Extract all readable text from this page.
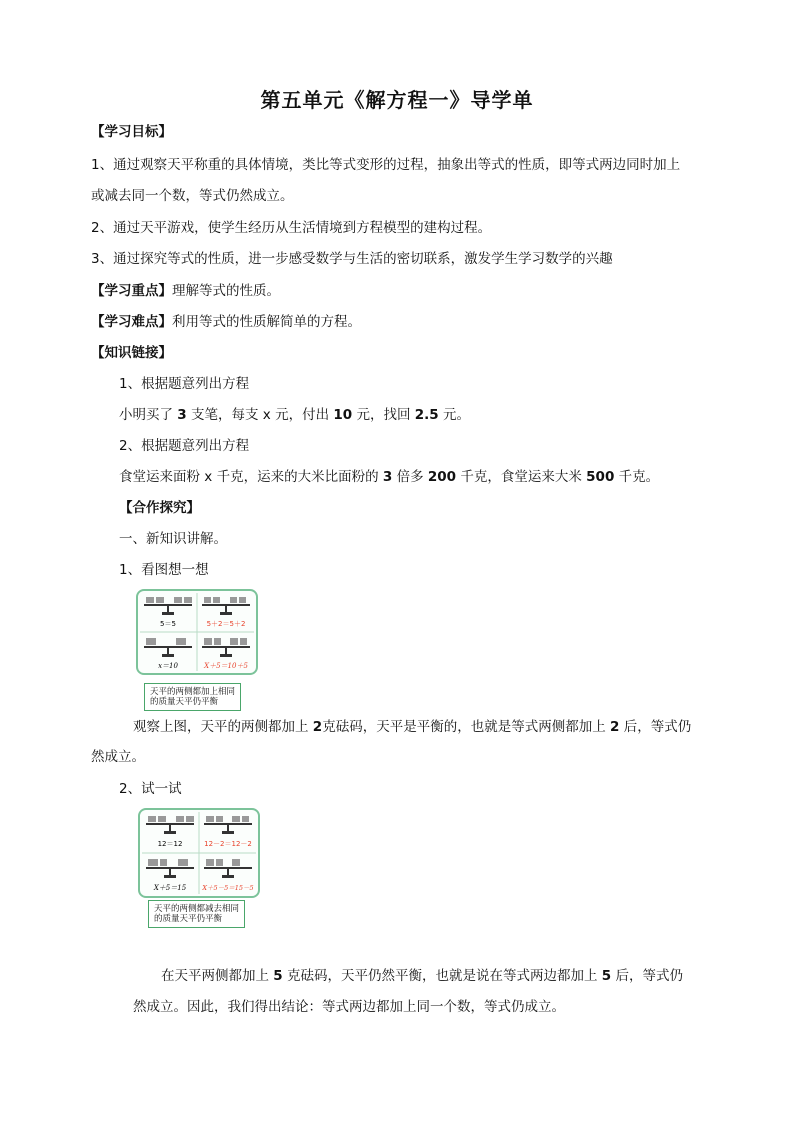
第五单元《解方程一》导学单
【学习目标】
1、通过观察天平称重的具体情境，类比等式变形的过程，抽象出等式的性质，即等式两边同时加上
或减去同一个数，等式仍然成立。
2、通过天平游戏，使学生经历从生活情境到方程模型的建构过程。
3、通过探究等式的性质，进一步感受数学与生活的密切联系，激发学生学习数学的兴趣
【学习重点】理解等式的性质。
【学习难点】利用等式的性质解简单的方程。
【知识链接】
1、根据题意列出方程
小明买了 3 支笔，每支 x 元，付出 10 元，找回 2.5 元。
2、根据题意列出方程
食堂运来面粉 x 千克，运来的大米比面粉的 3 倍多 200 千克，食堂运来大米 500 千克。
【合作探究】
一、新知识讲解。
1、看图想一想
5＝5	5＋2＝5＋2
x＝10	X＋5＝10＋5
天平的两侧都加上相同
的质量天平仍平衡
观察上图，天平的两侧都加上 2克砝码，天平是平衡的，也就是等式两侧都加上 2 后，等式仍
然成立。
2、试一试
12＝12	12－2＝12－2
X＋5＝15 X＋5－5＝15－5
天平的两侧都减去相同
的质量天平仍平衡
在天平两侧都加上 5 克砝码，天平仍然平衡，也就是说在等式两边都加上 5 后，等式仍
然成立。因此，我们得出结论：等式两边都加上同一个数，等式仍成立。
